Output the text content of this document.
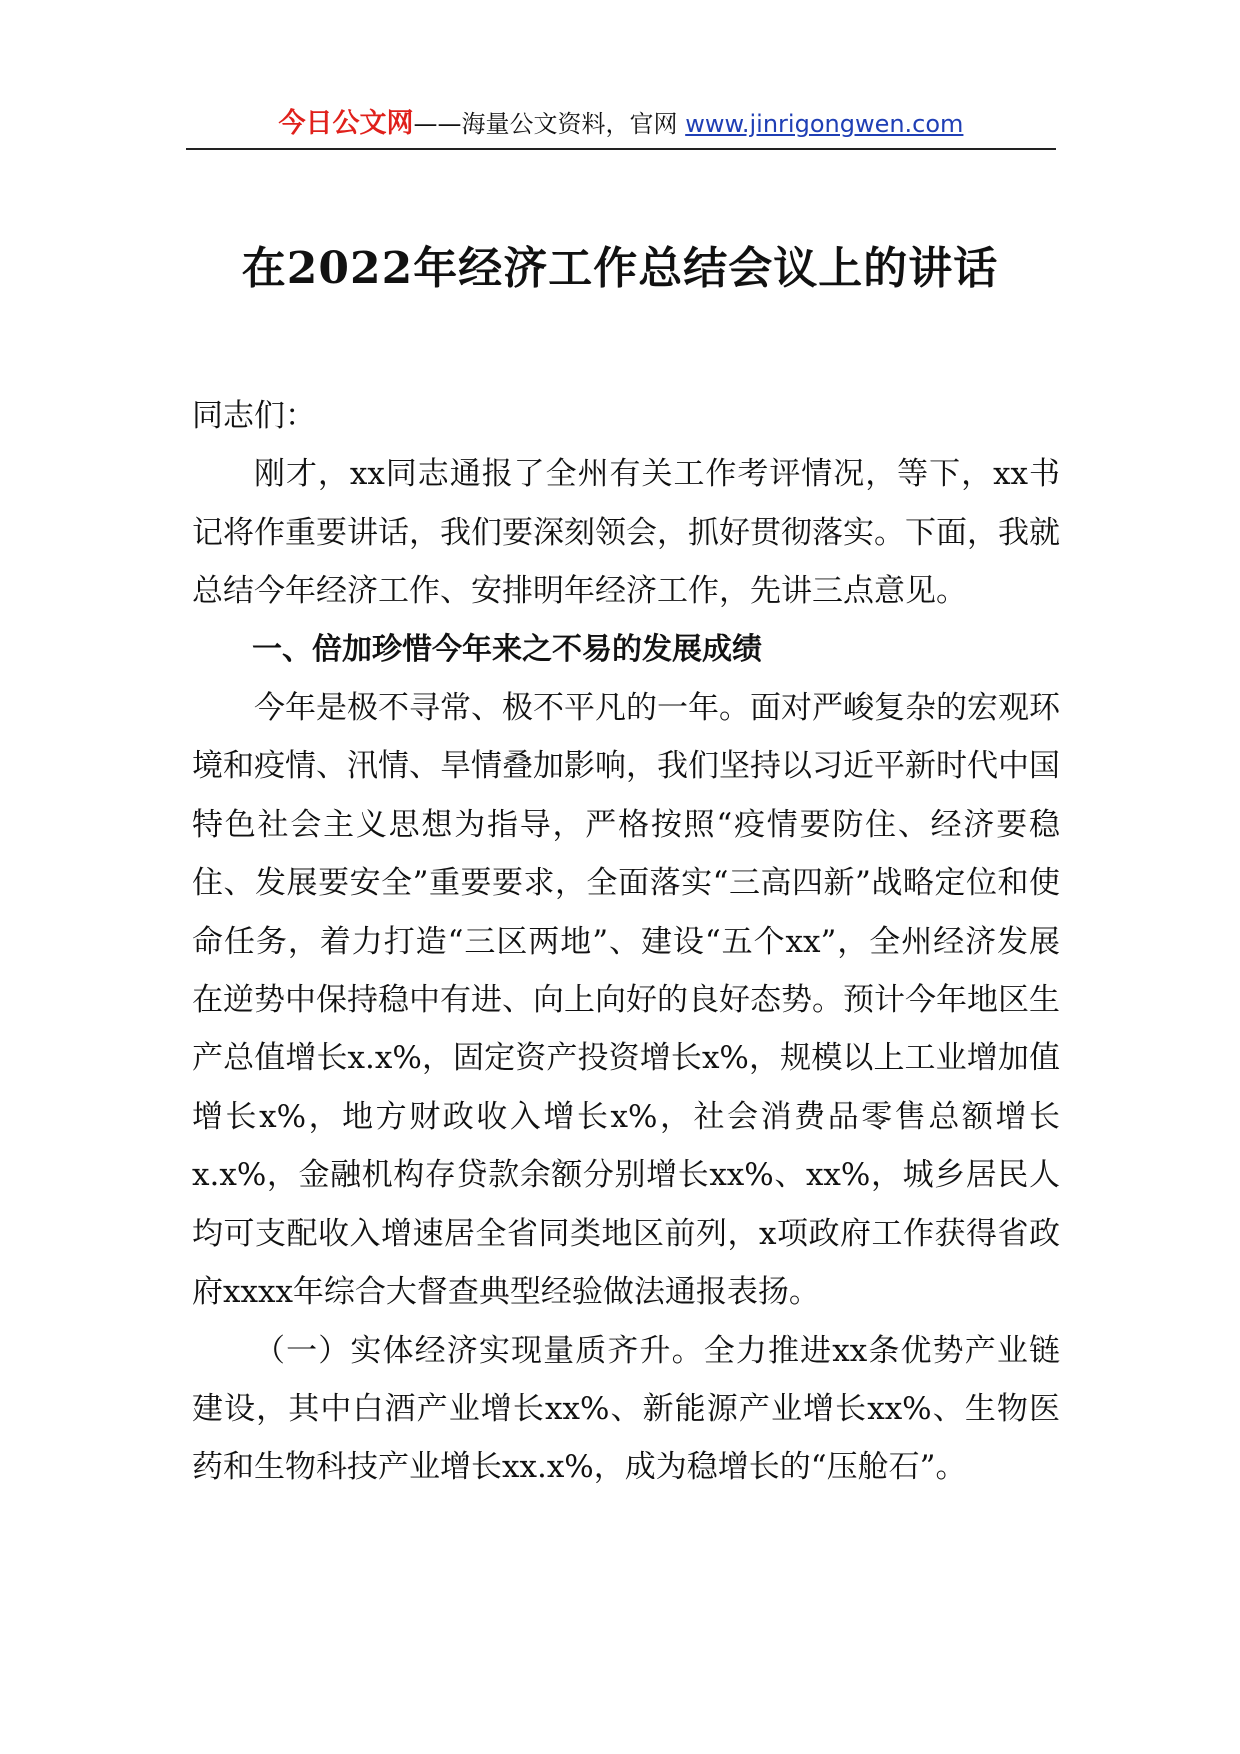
今日公文网——海量公文资料，官网 www.jinrigongwen.com
在2022年经济工作总结会议上的讲话

同志们：

刚才，xx同志通报了全州有关工作考评情况，等下，xx书记将作重要讲话，我们要深刻领会，抓好贯彻落实。下面，我就总结今年经济工作、安排明年经济工作，先讲三点意见。

一、倍加珍惜今年来之不易的发展成绩

今年是极不寻常、极不平凡的一年。面对严峻复杂的宏观环境和疫情、汛情、旱情叠加影响，我们坚持以习近平新时代中国特色社会主义思想为指导，严格按照“疫情要防住、经济要稳住、发展要安全”重要要求，全面落实“三高四新”战略定位和使命任务，着力打造“三区两地”、建设“五个xx”，全州经济发展在逆势中保持稳中有进、向上向好的良好态势。预计今年地区生产总值增长x.x%，固定资产投资增长x%，规模以上工业增加值增长x%，地方财政收入增长x%，社会消费品零售总额增长 x.x%，金融机构存贷款余额分别增长xx%、xx%，城乡居民人均可支配收入增速居全省同类地区前列，x项政府工作获得省政府xxxx年综合大督查典型经验做法通报表扬。

（一）实体经济实现量质齐升。全力推进xx条优势产业链建设，其中白酒产业增长xx%、新能源产业增长xx%、生物医药和生物科技产业增长xx.x%，成为稳增长的“压舱石”。
